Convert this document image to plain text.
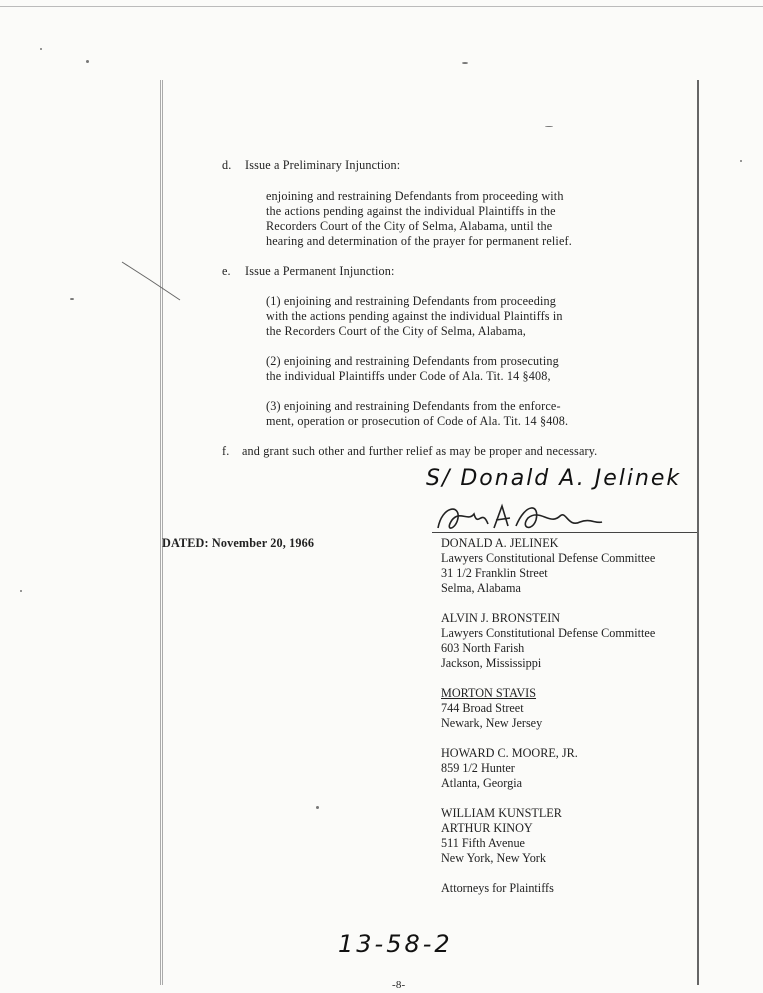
d. Issue a Preliminary Injunction:
enjoining and restraining Defendants from proceeding with
the actions pending against the individual Plaintiffs in the
Recorders Court of the City of Selma, Alabama, until the
hearing and determination of the prayer for permanent relief.
e. Issue a Permanent Injunction:
(1) enjoining and restraining Defendants from proceeding
with the actions pending against the individual Plaintiffs in
the Recorders Court of the City of Selma, Alabama,
(2) enjoining and restraining Defendants from prosecuting
the individual Plaintiffs under Code of Ala. Tit. 14 §408,
(3) enjoining and restraining Defendants from the enforce-
ment, operation or prosecution of Code of Ala. Tit. 14 §408.
f. and grant such other and further relief as may be proper and necessary.
S/ Donald A. Jelinek
DATED: November 20, 1966	DONALD A. JELINEK
Lawyers Constitutional Defense Committee
31 1/2 Franklin Street
Selma, Alabama
ALVIN J. BRONSTEIN
Lawyers Constitutional Defense Committee
603 North Farish
Jackson, Mississippi
MORTON STAVIS
744 Broad Street
Newark, New Jersey
HOWARD C. MOORE, JR.
859 1/2 Hunter
Atlanta, Georgia
WILLIAM KUNSTLER
ARTHUR KINOY
511 Fifth Avenue
New York, New York
Attorneys for Plaintiffs
13-58-2
-8-
